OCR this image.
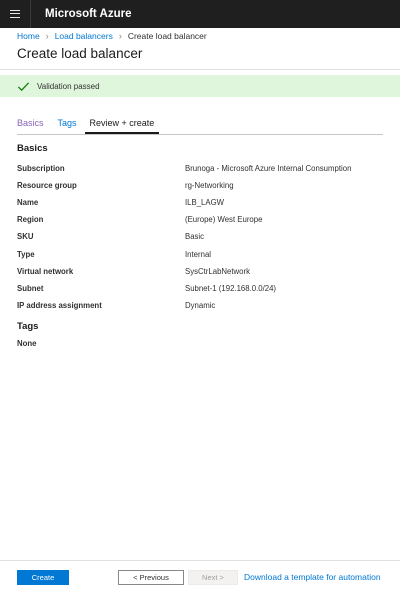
Microsoft Azure
Home › Load balancers › Create load balancer
Create load balancer
Validation passed
Basics Tags	Review + create
Basics
Subscription	Brunoga - Microsoft Azure Internal Consumption
Resource group	rg-Networking
Name	ILB_LAGW
Region	(Europe) West Europe
SKU	Basic
Type	Internal
Virtual network	SysCtrLabNetwork
Subnet	Subnet-1 (192.168.0.0/24)
IP address assignment	Dynamic
Tags
None
Create	< Previous	Next >	Download a template for automation
